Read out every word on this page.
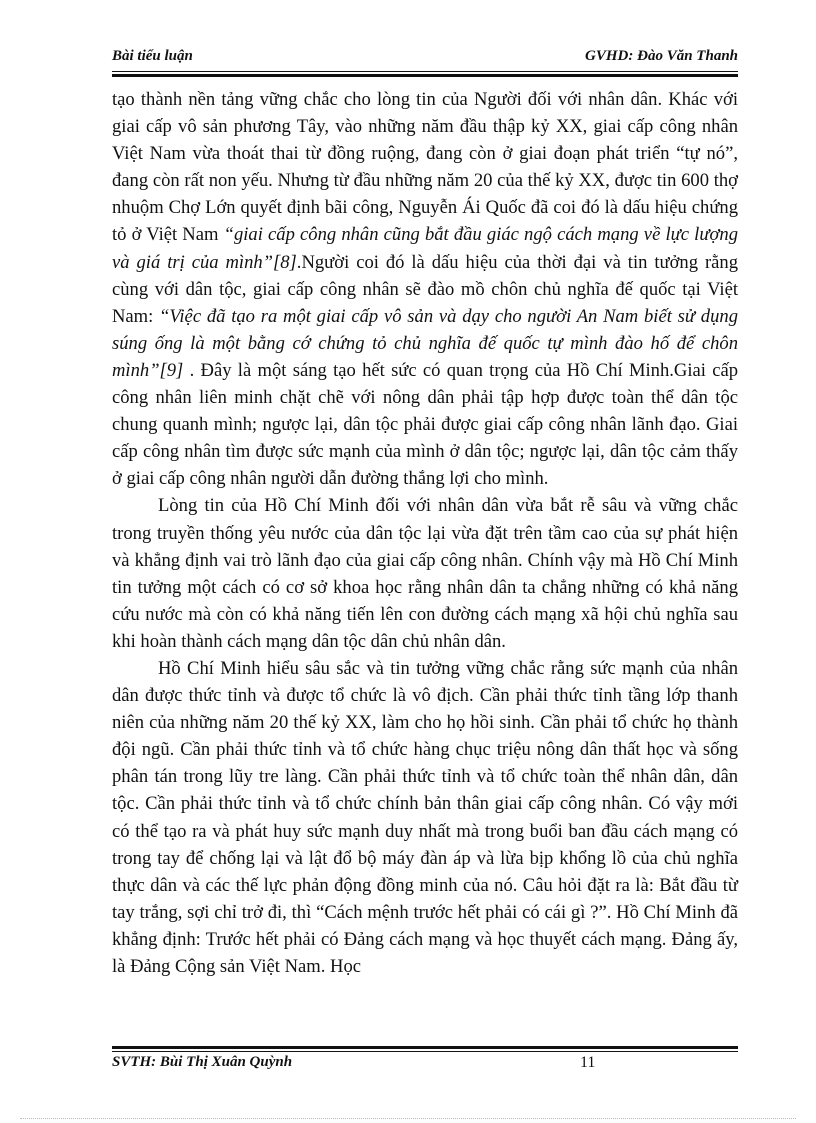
Bài tiểu luận	GVHD: Đào Văn Thanh

tạo thành nền tảng vững chắc cho lòng tin của Người đối với nhân dân. Khác với giai cấp vô sản phương Tây, vào những năm đầu thập kỷ XX, giai cấp công nhân Việt Nam vừa thoát thai từ đồng ruộng, đang còn ở giai đoạn phát triển “tự nó”, đang còn rất non yếu. Nhưng từ đầu những năm 20 của thế kỷ XX, được tin 600 thợ nhuộm Chợ Lớn quyết định bãi công, Nguyễn Ái Quốc đã coi đó là dấu hiệu chứng tỏ ở Việt Nam “giai cấp công nhân cũng bắt đầu giác ngộ cách mạng về lực lượng và giá trị của mình”[8].Người coi đó là dấu hiệu của thời đại và tin tưởng rằng cùng với dân tộc, giai cấp công nhân sẽ đào mồ chôn chủ nghĩa đế quốc tại Việt Nam: “Việc đã tạo ra một giai cấp vô sản và dạy cho người An Nam biết sử dụng súng ống là một bằng cớ chứng tỏ chủ nghĩa đế quốc tự mình đào hố để chôn mình”[9] . Đây là một sáng tạo hết sức có quan trọng của Hồ Chí Minh.Giai cấp công nhân liên minh chặt chẽ với nông dân phải tập hợp được toàn thể dân tộc chung quanh mình; ngược lại, dân tộc phải được giai cấp công nhân lãnh đạo. Giai cấp công nhân tìm được sức mạnh của mình ở dân tộc; ngược lại, dân tộc cảm thấy ở giai cấp công nhân người dẫn đường thắng lợi cho mình.

Lòng tin của Hồ Chí Minh đối với nhân dân vừa bắt rễ sâu và vững chắc trong truyền thống yêu nước của dân tộc lại vừa đặt trên tầm cao của sự phát hiện và khẳng định vai trò lãnh đạo của giai cấp công nhân. Chính vậy mà Hồ Chí Minh tin tưởng một cách có cơ sở khoa học rằng nhân dân ta chẳng những có khả năng cứu nước mà còn có khả năng tiến lên con đường cách mạng xã hội chủ nghĩa sau khi hoàn thành cách mạng dân tộc dân chủ nhân dân.

Hồ Chí Minh hiểu sâu sắc và tin tưởng vững chắc rằng sức mạnh của nhân dân được thức tỉnh và được tổ chức là vô địch. Cần phải thức tỉnh tầng lớp thanh niên của những năm 20 thế kỷ XX, làm cho họ hồi sinh. Cần phải tổ chức họ thành đội ngũ. Cần phải thức tỉnh và tổ chức hàng chục triệu nông dân thất học và sống phân tán trong lũy tre làng. Cần phải thức tỉnh và tổ chức toàn thể nhân dân, dân tộc. Cần phải thức tỉnh và tổ chức chính bản thân giai cấp công nhân. Có vậy mới có thể tạo ra và phát huy sức mạnh duy nhất mà trong buổi ban đầu cách mạng có trong tay để chống lại và lật đổ bộ máy đàn áp và lừa bịp khổng lồ của chủ nghĩa thực dân và các thế lực phản động đồng minh của nó. Câu hỏi đặt ra là: Bắt đầu từ tay trắng, sợi chỉ trở đi, thì “Cách mệnh trước hết phải có cái gì ?”. Hồ Chí Minh đã khẳng định: Trước hết phải có Đảng cách mạng và học thuyết cách mạng. Đảng ấy, là Đảng Cộng sản Việt Nam. Học

SVTH: Bùi Thị Xuân Quỳnh	11
